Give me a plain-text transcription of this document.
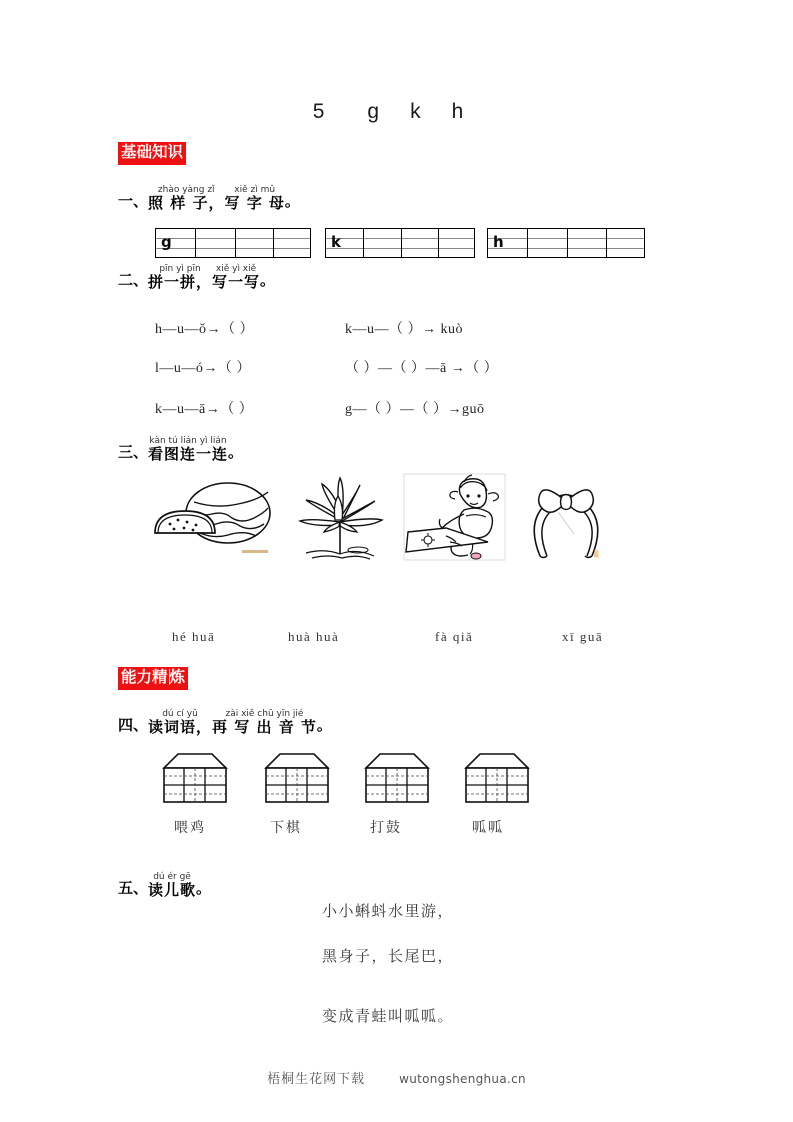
5 g k h
基础知识
一、
zhào yàng zǐ
照 样 子，
xiě zì mǔ
写 字 母 。
g	k	h
二、
pīn yì pīn
拼一拼，
xiě yì xiě
写一写 。
h—u—ǒ→（ ）	k—u—（ ）→ kuò
l—u—ó→（ ）	（ ）—（ ）—ā →（ ）
k—u—ā→（ ）	g—（ ）—（ ）→guō
三、
kàn tú lián yì lián
看图连一连 。
▒
hé huā	huà huà	fà qiǎ	xī guā
能力精 炼
四、
dú cí yǔ
读词语，
zài xiě chū yīn jié
再 写 出 音 节 。
喂鸡	下棋	打鼓	呱呱
五、
dú ér gē
读儿歌 。
小小蝌蚪水里游，
黑身子，长尾巴，
变成青蛙叫呱呱。
梧桐生花网下载	wutongshenghua.cn
